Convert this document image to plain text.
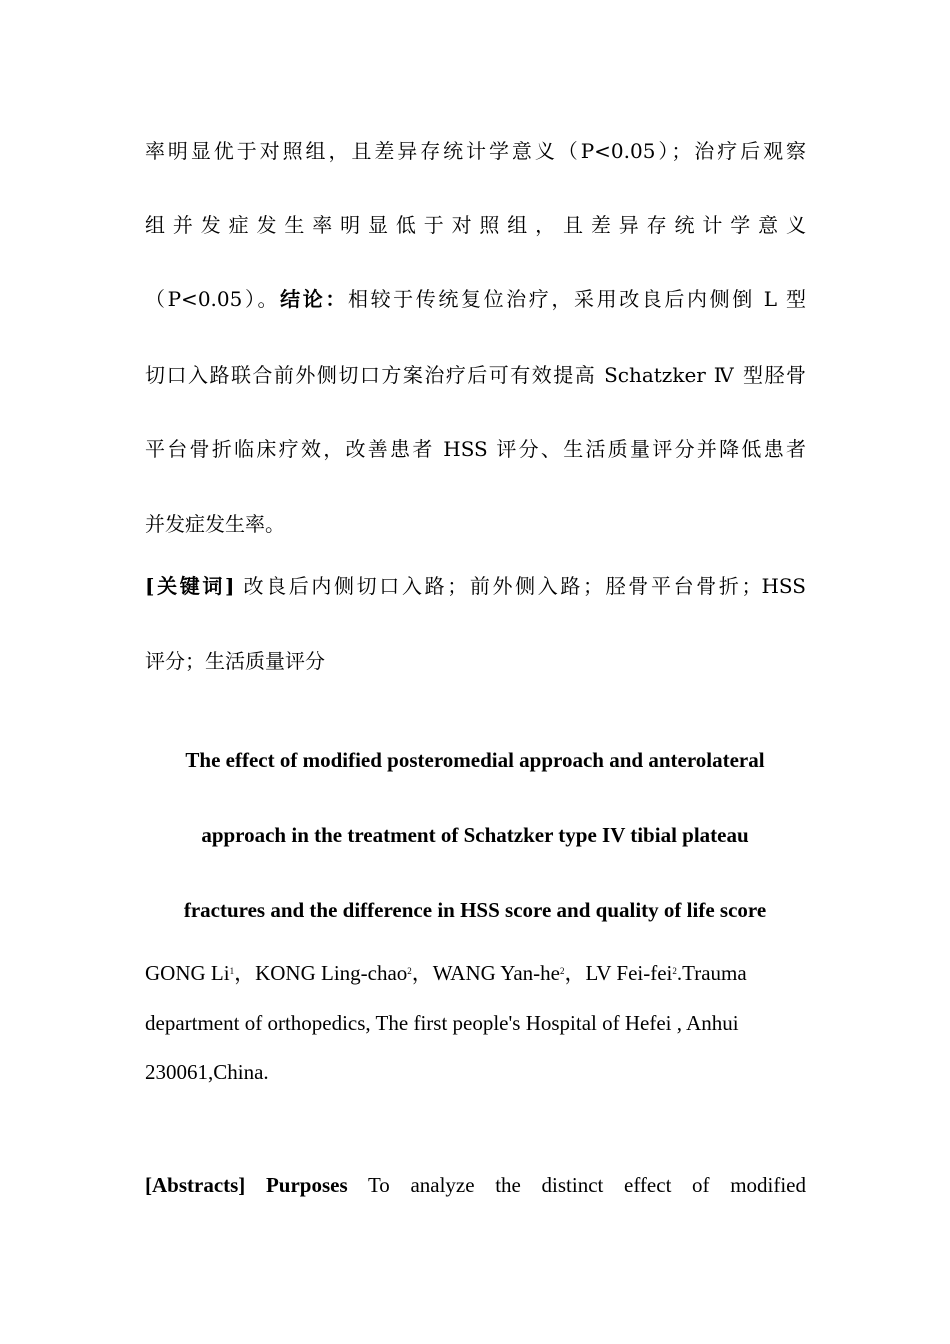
率明显优于对照组，且差异存统计学意义（P<0.05）；治疗后观察
组并发症发生率明显低于对照组，且差异存统计学意义
（P<0.05）。结论：相较于传统复位治疗，采用改良后内侧倒 L 型
切口入路联合前外侧切口方案治疗后可有效提高 Schatzker Ⅳ 型胫骨
平台骨折临床疗效，改善患者 HSS 评分、生活质量评分并降低患者
并发症发生率。
[关键词] 改良后内侧切口入路；前外侧入路；胫骨平台骨折；HSS
评分；生活质量评分
The effect of modified posteromedial approach and anterolateral
approach in the treatment of Schatzker type IV tibial plateau
fractures and the difference in HSS score and quality of life score
GONG Li$^1$，KONG Ling-chao$^2$，WANG Yan-$he^2$，LV Fei-fei$^2$.Trauma
department of orthopedics, The first people's Hospital of Hefei , Anhui
230061,China.
[Abstracts] Purposes To analyze the distinct effect of modified
